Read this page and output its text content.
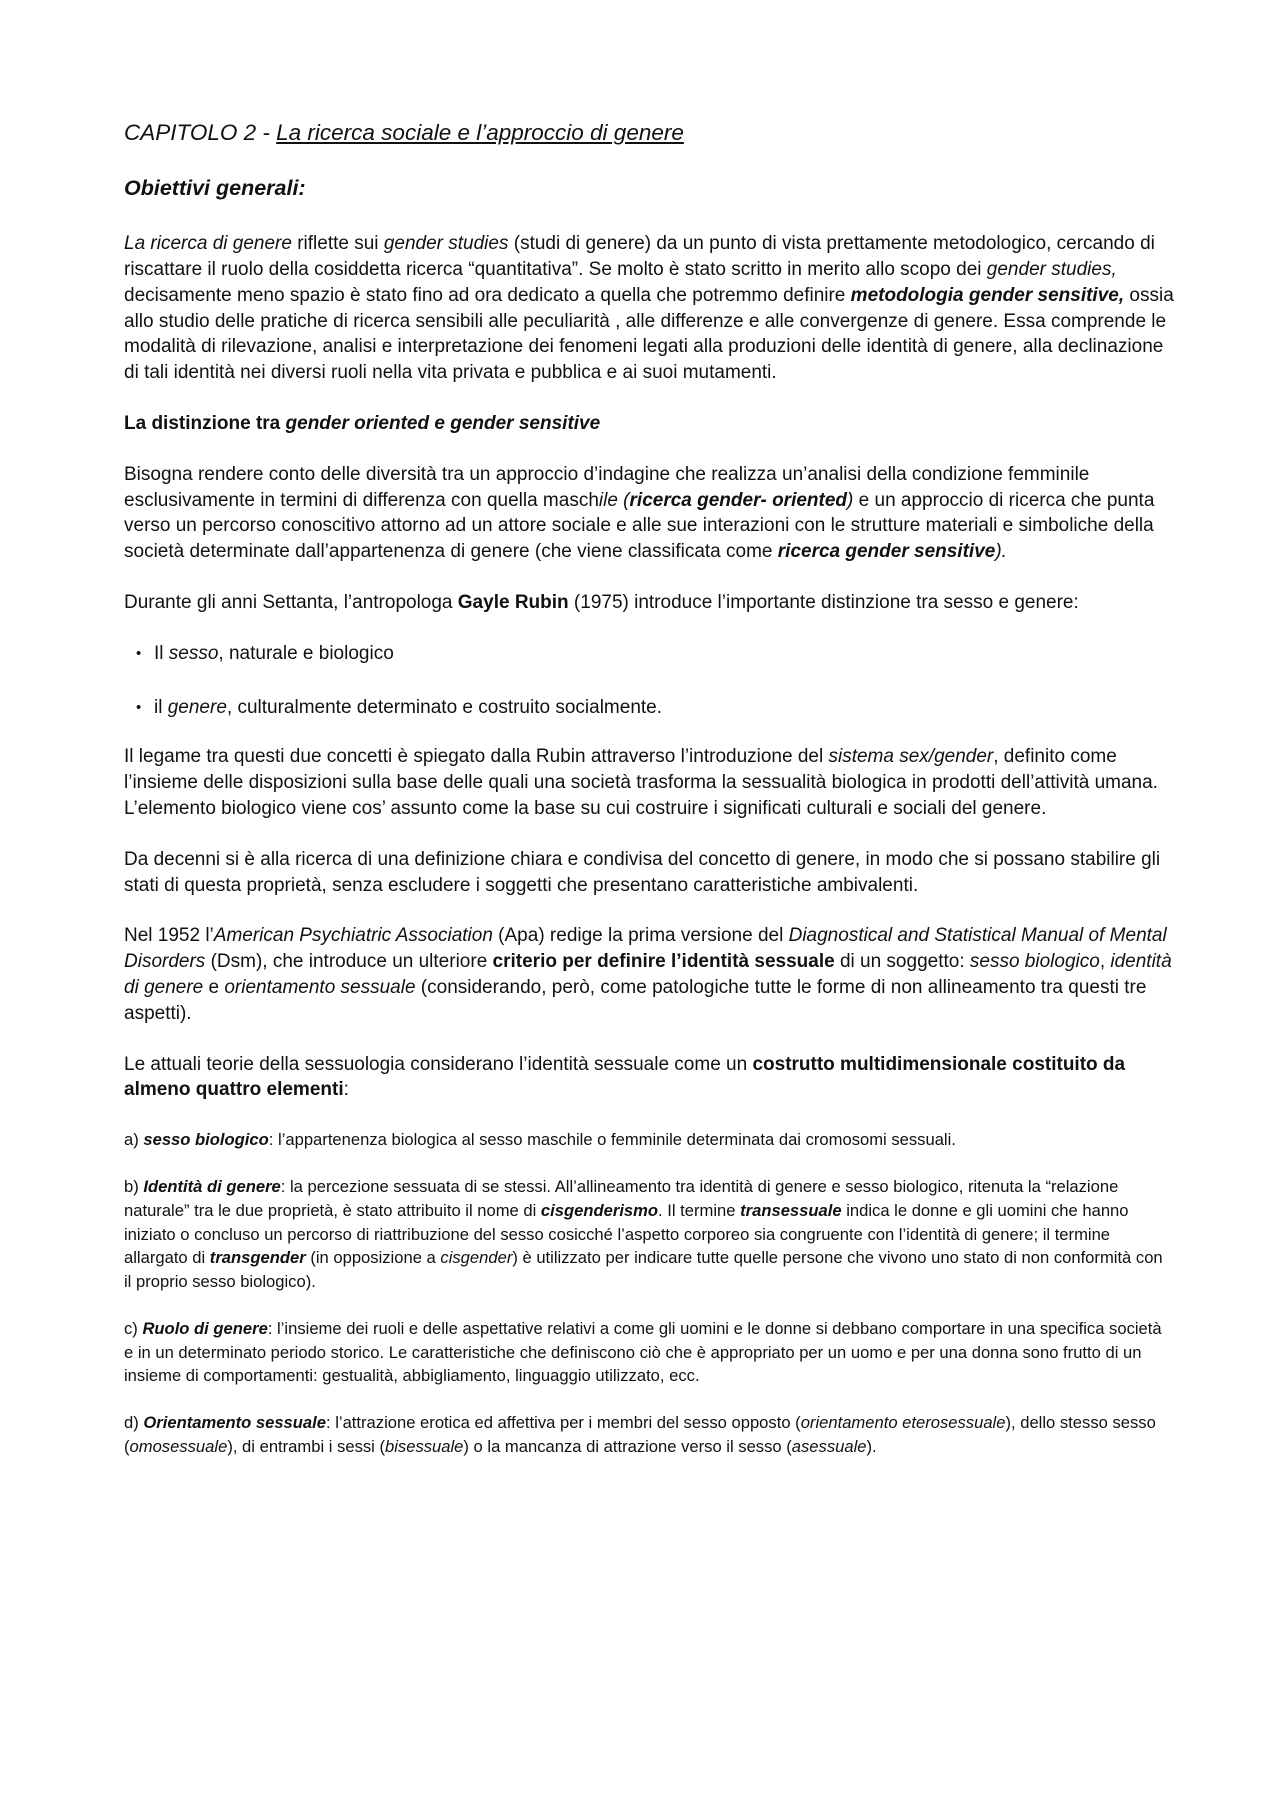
CAPITOLO 2 - La ricerca sociale e l’approccio di genere
Obiettivi generali:
La ricerca di genere riflette sui gender studies (studi di genere) da un punto di vista prettamente metodologico, cercando di riscattare il ruolo della cosiddetta ricerca “quantitativa”. Se molto è stato scritto in merito allo scopo dei gender studies, decisamente meno spazio è stato fino ad ora dedicato a quella che potremmo definire metodologia gender sensitive, ossia allo studio delle pratiche di ricerca sensibili alle peculiarità , alle differenze e alle convergenze di genere. Essa comprende le modalità di rilevazione, analisi e interpretazione dei fenomeni legati alla produzioni delle identità di genere, alla declinazione di tali identità nei diversi ruoli nella vita privata e pubblica e ai suoi mutamenti.
La distinzione tra gender oriented e gender sensitive
Bisogna rendere conto delle diversità tra un approccio d’indagine che realizza un’analisi della condizione femminile esclusivamente in termini di differenza con quella maschile (ricerca gender- oriented) e un approccio di ricerca che punta verso un percorso conoscitivo attorno ad un attore sociale e alle sue interazioni con le strutture materiali e simboliche della società determinate dall’appartenenza di genere (che viene classificata come ricerca gender sensitive).
Durante gli anni Settanta, l’antropologa Gayle Rubin (1975) introduce l’importante distinzione tra sesso e genere:
• Il sesso, naturale e biologico
• il genere, culturalmente determinato e costruito socialmente.
Il legame tra questi due concetti è spiegato dalla Rubin attraverso l’introduzione del sistema sex/gender, definito come l’insieme delle disposizioni sulla base delle quali una società trasforma la sessualità biologica in prodotti dell’attività umana. L’elemento biologico viene cos’ assunto come la base su cui costruire i significati culturali e sociali del genere.
Da decenni si è alla ricerca di una definizione chiara e condivisa del concetto di genere, in modo che si possano stabilire gli stati di questa proprietà, senza escludere i soggetti che presentano caratteristiche ambivalenti.
Nel 1952 l’American Psychiatric Association (Apa) redige la prima versione del Diagnostical and Statistical Manual of Mental Disorders (Dsm), che introduce un ulteriore criterio per definire l’identità sessuale di un soggetto: sesso biologico, identità di genere e orientamento sessuale (considerando, però, come patologiche tutte le forme di non allineamento tra questi tre aspetti).
Le attuali teorie della sessuologia considerano l’identità sessuale come un costrutto multidimensionale costituito da almeno quattro elementi:
a) sesso biologico: l’appartenenza biologica al sesso maschile o femminile determinata dai cromosomi sessuali.
b) Identità di genere: la percezione sessuata di se stessi. All’allineamento tra identità di genere e sesso biologico, ritenuta la “relazione naturale” tra le due proprietà, è stato attribuito il nome di cisgenderismo. Il termine transessuale indica le donne e gli uomini che hanno iniziato o concluso un percorso di riattribuzione del sesso cosicché l’aspetto corporeo sia congruente con l’identità di genere; il termine allargato di transgender (in opposizione a cisgender) è utilizzato per indicare tutte quelle persone che vivono uno stato di non conformità con il proprio sesso biologico).
c) Ruolo di genere: l’insieme dei ruoli e delle aspettative relativi a come gli uomini e le donne si debbano comportare in una specifica società e in un determinato periodo storico. Le caratteristiche che definiscono ciò che è appropriato per un uomo e per una donna sono frutto di un insieme di comportamenti: gestualità, abbigliamento, linguaggio utilizzato, ecc.
d) Orientamento sessuale: l’attrazione erotica ed affettiva per i membri del sesso opposto (orientamento eterosessuale), dello stesso sesso (omosessuale), di entrambi i sessi (bisessuale) o la mancanza di attrazione verso il sesso (asessuale).
